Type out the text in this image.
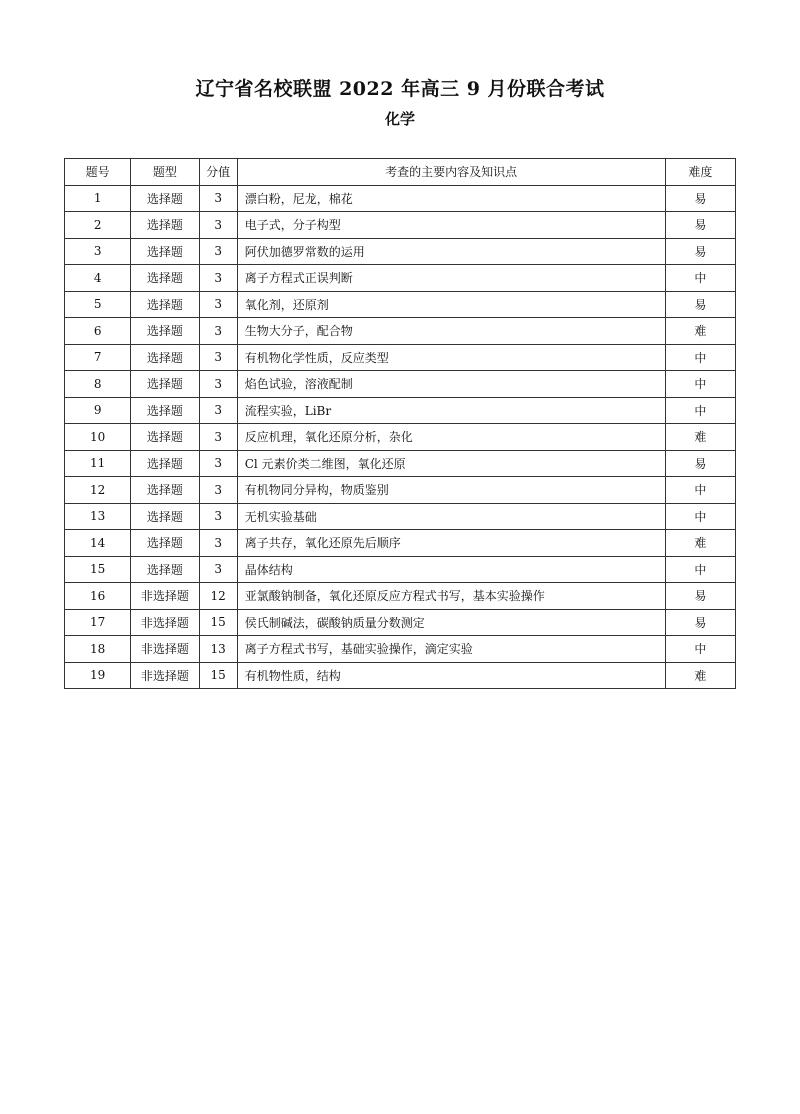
辽宁省名校联盟 2022 年高三 9 月份联合考试
化学
题号	题型	分值	考查的主要内容及知识点	难度
1	选择题	3	漂白粉，尼龙，棉花	易
2	选择题	3	电子式，分子构型	易
3	选择题	3	阿伏加德罗常数的运用	易
4	选择题	3	离子方程式正误判断	中
5	选择题	3	氧化剂，还原剂	易
6	选择题	3	生物大分子，配合物	难
7	选择题	3	有机物化学性质，反应类型	中
8	选择题	3	焰色试验，溶液配制	中
9	选择题	3	流程实验，LiBr	中
10	选择题	3	反应机理，氧化还原分析，杂化	难
11	选择题	3	Cl 元素价类二维图，氧化还原	易
12	选择题	3	有机物同分异构，物质鉴别	中
13	选择题	3	无机实验基础	中
14	选择题	3	离子共存，氧化还原先后顺序	难
15	选择题	3	晶体结构	中
16	非选择题	12	亚氯酸钠制备，氧化还原反应方程式书写，基本实验操作	易
17	非选择题	15	侯氏制碱法，碳酸钠质量分数测定	易
18	非选择题	13	离子方程式书写，基础实验操作，滴定实验	中
19	非选择题	15	有机物性质，结构	难
